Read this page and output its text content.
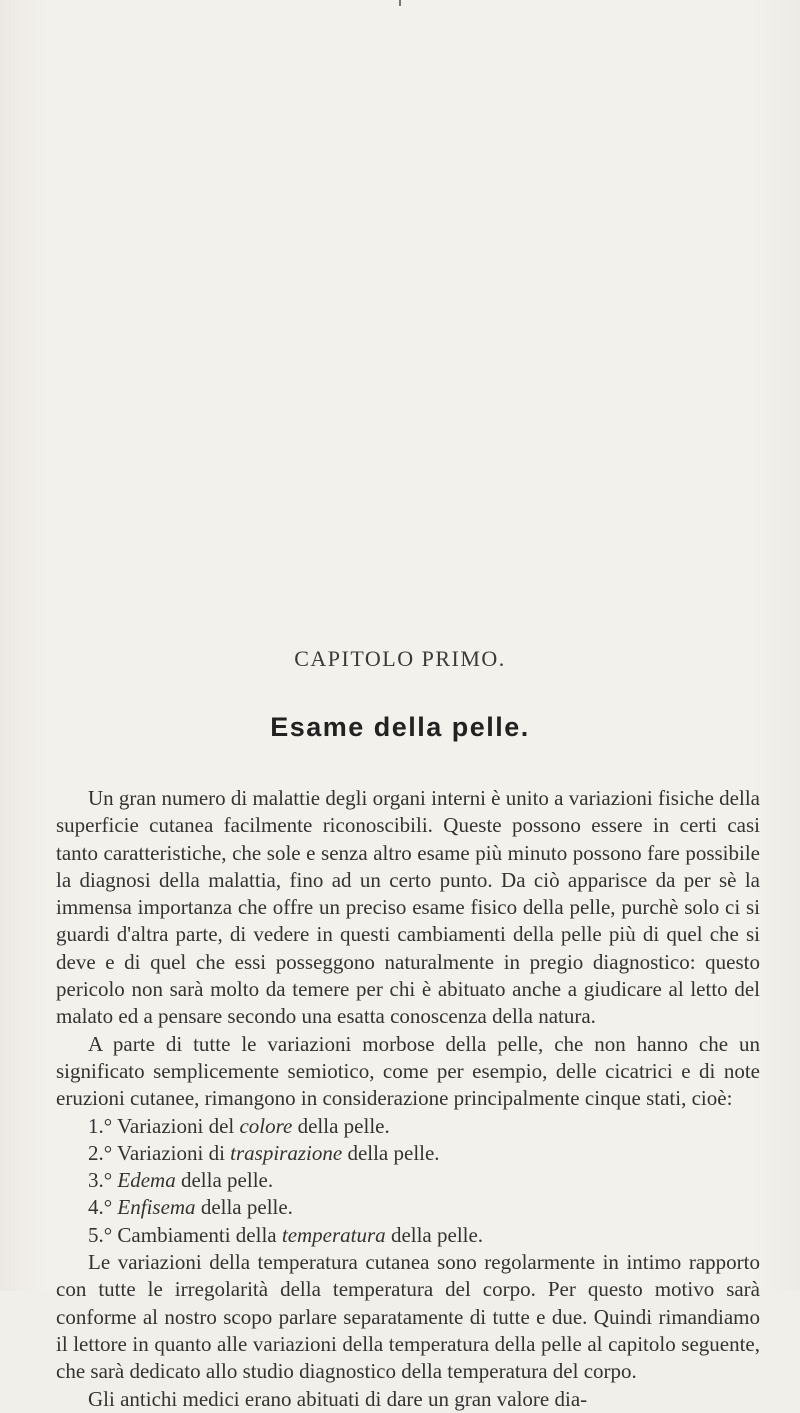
CAPITOLO PRIMO.
Esame della pelle.

Un gran numero di malattie degli organi interni è unito a variazioni fisiche della superficie cutanea facilmente riconoscibili. Queste possono essere in certi casi tanto caratteristiche, che sole e senza altro esame più minuto possono fare possibile la diagnosi della malattia, fino ad un certo punto. Da ciò apparisce da per sè la immensa importanza che offre un preciso esame fisico della pelle, purchè solo ci si guardi d'altra parte, di vedere in questi cambiamenti della pelle più di quel che si deve e di quel che essi posseggono naturalmente in pregio diagnostico: questo pericolo non sarà molto da temere per chi è abituato anche a giudicare al letto del malato ed a pensare secondo una esatta conoscenza della natura.

A parte di tutte le variazioni morbose della pelle, che non hanno che un significato semplicemente semiotico, come per esempio, delle cicatrici e di note eruzioni cutanee, rimangono in considerazione principalmente cinque stati, cioè:

1.° Variazioni del colore della pelle.
2.° Variazioni di traspirazione della pelle.
3.° Edema della pelle.
4.° Enfisema della pelle.
5.° Cambiamenti della temperatura della pelle.

Le variazioni della temperatura cutanea sono regolarmente in intimo rapporto con tutte le irregolarità della temperatura del corpo. Per questo motivo sarà conforme al nostro scopo parlare separatamente di tutte e due. Quindi rimandiamo il lettore in quanto alle variazioni della temperatura della pelle al capitolo seguente, che sarà dedicato allo studio diagnostico della temperatura del corpo.

Gli antichi medici erano abituati di dare un gran valore dia-
